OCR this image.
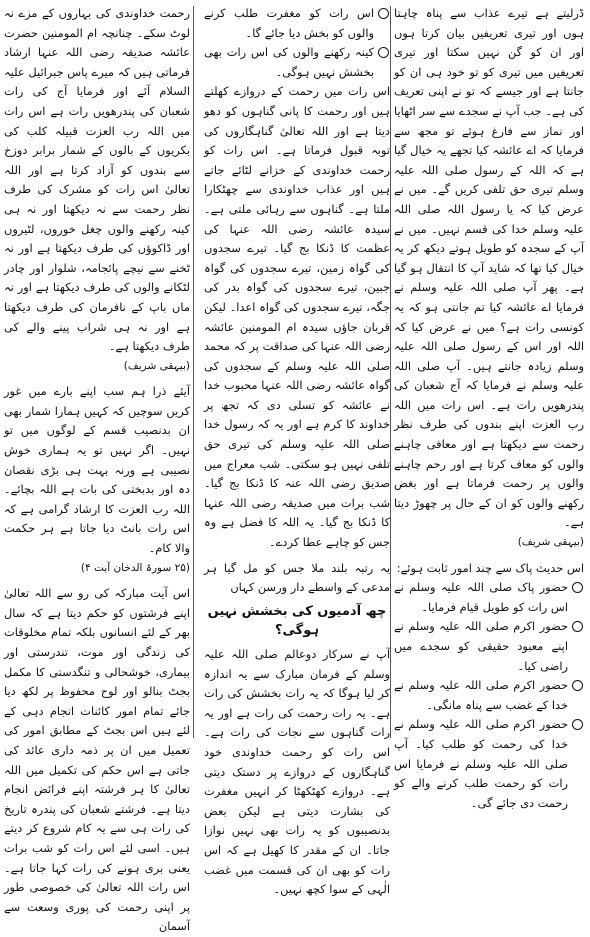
ڈرلیتے ہے تیرے عذاب سے پناہ چاہتا ہوں اور تیری تعریفیں بیان کرتا ہوں اور ان کو گن نہیں سکتا اور تیری تعریفیں میں تیری کو تو خود ہی ان کو جانتا ہے اور جیسے کہ تو نے اپنی تعریف کی ہے۔ جب آپ نے سجدے سے سر اٹھایا اور نماز سے فارغ ہوئے تو مجھ سے فرمایا کہ اے عائشہ کیا تجھے یہ خیال گیا ہے کہ اللہ کے رسول صلی اللہ علیہ وسلم تیری حق تلفی کریں گے۔ میں نے عرض کیا کہ یا رسول اللہ صلی اللہ علیہ وسلم خدا کی قسم نہیں۔ میں نے آپ کے سجدہ کو طویل ہوتے دیکھ کر یہ خیال کیا تھا کہ شاید آپ کا انتقال ہو گیا ہے۔ پھر آپ صلی اللہ علیہ وسلم نے فرمایا اے عائشہ کیا تم جانتی ہو کہ یہ کونسی رات ہے؟ میں نے عرض کیا کہ اللہ اور اس کے رسول صلی اللہ علیہ وسلم زیادہ جانتے ہیں۔ آپ صلی اللہ علیہ وسلم نے فرمایا کہ آج شعبان کی پندرھویں رات ہے۔ اس رات میں اللہ رب العزت اپنے بندوں کی طرف نظر رحمت سے دیکھتا ہے اور معافی چاہنے والوں کو معاف کرتا ہے اور رحم چاہنے والوں پر رحمت فرماتا ہے اور بغض رکھنے والوں کو ان کے حال پر چھوڑ دیتا ہے۔

(بیہقی شریف)

اس حدیث پاک سے چند امور ثابت ہوئے:

حضور پاک صلی اللہ علیہ وسلم نے اس رات کو طویل قیام فرمایا۔
حضور اکرم صلی اللہ علیہ وسلم نے اپنے معبود حقیقی کو سجدے میں راضی کیا۔
حضور اکرم صلی اللہ علیہ وسلم نے خدا کے غضب سے پناہ مانگی۔
حضور اکرم صلی اللہ علیہ وسلم نے خدا کی رحمت کو طلب کیا۔ آپ صلی اللہ علیہ وسلم نے فرمایا اس رات کو رحمت طلب کرنے والے کو رحمت دی جائے گی۔
اس رات کو مغفرت طلب کرنے والوں کو بخش دیا جائے گا۔
کینہ رکھنے والوں کی اس رات بھی بخشش نہیں ہوگی۔

اس رات میں رحمت کے دروازے کھلتے ہیں اور رحمت کا پانی گناہوں کو دھو دیتا ہے اور اللہ تعالیٰ گناہگاروں کی توبہ قبول فرماتا ہے۔ اس رات کو رحمت خداوندی کے خزانے لٹائے جاتے ہیں اور عذاب خداوندی سے چھٹکارا ملتا ہے۔ گناہوں سے رہائی ملتی ہے۔ سیدہ عائشہ رضی اللہ عنہا کی عظمت کا ڈنکا بج گیا۔ تیرے سجدوں کی گواہ زمین، تیرے سجدوں کی گواہ جبین، تیرے سجدوں کی گواہ بدر کی جگہ، تیرے سجدوں کی گواہ اعدا۔ لیکن قربان جاؤں سیدہ ام المومنین عائشہ رضی اللہ عنہا کی صداقت پر کہ محمد صلی اللہ علیہ وسلم کے سجدوں کی گواہ عائشہ رضی اللہ عنہا محبوب خدا نے عائشہ کو تسلی دی کہ تجھ پر خداوند کا کرم ہے اور یہ کہ رسول خدا صلی اللہ علیہ وسلم کی تیری حق تلفی نہیں ہو سکتی۔ شب معراج میں صدیق رضی اللہ عنہ کا ڈنکا بج گیا۔ شب برات میں صدیقہ رضی اللہ عنہا کا ڈنکا بج گیا۔ یہ اللہ کا فضل ہے وہ جس کو چاہے عطا کردے۔

یہ رتبہ بلند ملا جس کو مل گیا ہر مدعی کے واسطے دار ورسن کہاں

چھ آدمیوں کی بخشش نہیں ہوگی؟

آپ نے سرکار دوعالم صلی اللہ علیہ وسلم کے فرمان مبارک سے یہ اندازہ کر لیا ہوگا کہ یہ رات بخشش کی رات ہے۔ یہ رات رحمت کی رات ہے اور یہ رات گناہوں سے نجات کی رات ہے۔ اس رات کو رحمت خداوندی خود گناہگاروں کے دروازے پر دستک دیتی ہے۔ دروازے کھٹکھٹا کر انہیں مغفرت کی بشارت دیتی ہے لیکن بعض بدنصیبوں کو یہ رات بھی نہیں نوازا جاتا۔ ان کے مقدر کا کھیل ہے کہ اس رات کو بھی ان کی قسمت میں غضب الٰہی کے سوا کچھ نہیں۔

رحمت خداوندی کی بہاروں کے مزے نہ لوٹ سکے۔ چنانچہ ام المومنین حضرت عائشہ صدیقہ رضی اللہ عنہا ارشاد فرماتی ہیں کہ میرے پاس جبرائیل علیہ السلام آئے اور فرمایا آج کی رات شعبان کی پندرھویں رات ہے اس رات میں اللہ رب العزت قبیلہ کلب کی بکریوں کے بالوں کے شمار برابر دوزخ سے بندوں کو آزاد کرتا ہے اور اللہ تعالیٰ اس رات کو مشرک کی طرف نظر رحمت سے نہ دیکھتا اور نہ ہی کینہ رکھنے والوں چغل خوروں، لٹیروں اور ڈاکوؤں کی طرف دیکھتا ہے اور نہ ٹخنے سے نیچے پائجامہ، شلوار اور چادر لٹکانے والوں کی طرف دیکھتا ہے اور نہ ماں باپ کے نافرمان کی طرف دیکھتا ہے اور نہ ہی شراب پینے والے کی طرف دیکھتا ہے۔

(بیہقی شریف)

آیئے ذرا ہم سب اپنے بارے میں غور کریں سوچیں کہ کہیں ہمارا شمار بھی ان بدنصیب قسم کے لوگوں میں تو نہیں۔ اگر نہیں تو یہ ہماری خوش نصیبی ہے ورنہ بہت ہی بڑی نقصان دہ اور بدبختی کی بات ہے اللہ بچائے۔ اللہ رب العزت کا ارشاد گرامی ہے کہ اس رات بانٹ دیا جاتا ہے ہر حکمت والا کام۔

(۲۵ سورۃ الدخان آیت ۴)

اس آیت مبارکہ کی رو سے اللہ تعالیٰ اپنے فرشتوں کو حکم دیتا ہے کہ سال بھر کے لئے انسانوں بلکہ تمام مخلوقات کی زندگی اور موت، تندرستی اور بیماری، خوشحالی و تنگدستی کا مکمل بجٹ بنالو اور لوح محفوظ پر لکھ دیا جائے تمام امور کائنات انجام دہی کے لئے ہیں اس بجٹ کے مطابق امور کی تعمیل میں ان پر ذمہ داری عائد کی جاتی ہے اس حکم کی تکمیل میں اللہ تعالیٰ کا ہر فرشتہ اپنے فرائض انجام دیتا ہے۔ فرشتے شعبان کی پندرہ تاریخ کی رات ہی سے یہ کام شروع کر دیتے ہیں۔ اسی لئے اس رات کو شب برات یعنی بری ہونے کی رات کہا جاتا ہے۔ اس رات اللہ تعالیٰ کی خصوصی طور پر اپنی رحمت کی پوری وسعت سے آسمان
